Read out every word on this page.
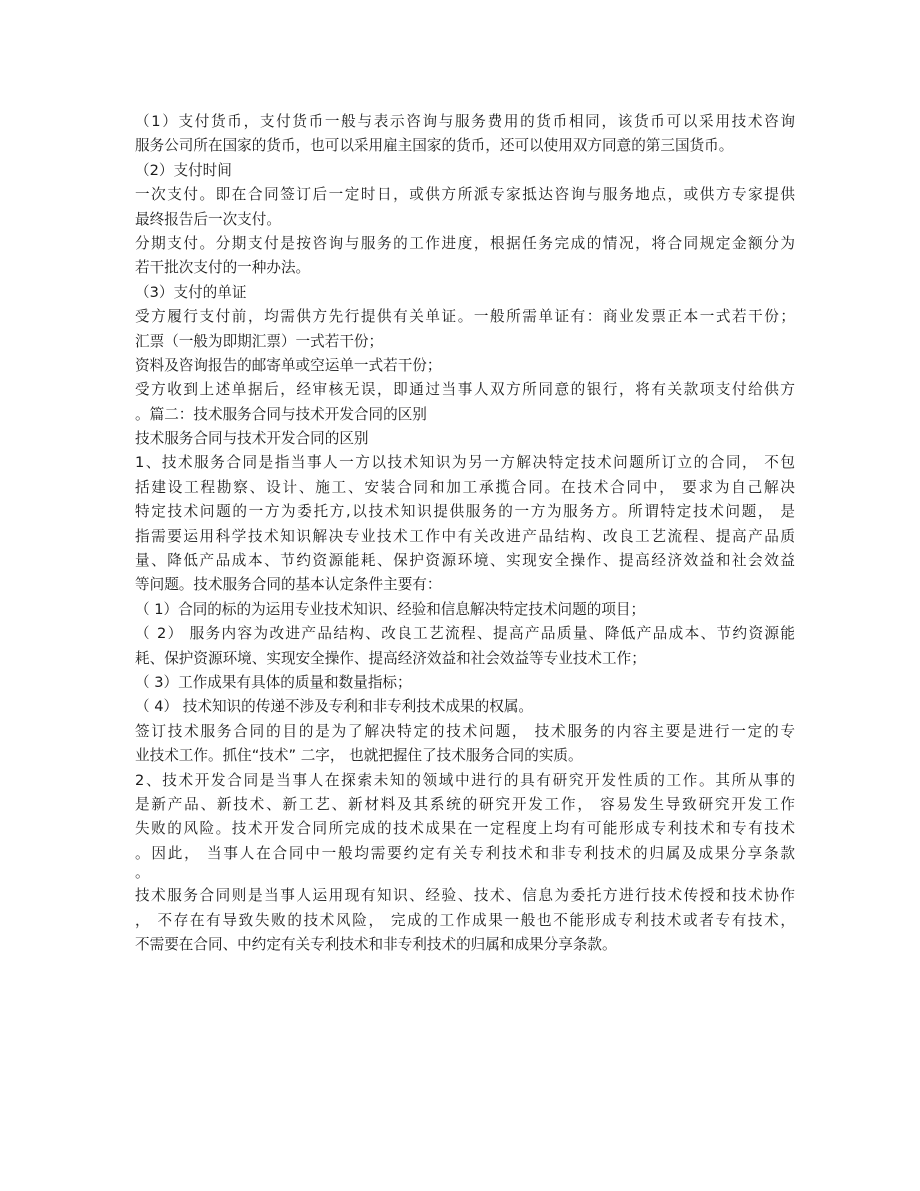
（1）支付货币，支付货币一般与表示咨询与服务费用的货币相同，该货币可以采用技术咨询
服务公司所在国家的货币，也可以采用雇主国家的货币，还可以使用双方同意的第三国货币。
（2）支付时间
一次支付。即在合同签订后一定时日，或供方所派专家抵达咨询与服务地点，或供方专家提供
最终报告后一次支付。
分期支付。分期支付是按咨询与服务的工作进度，根据任务完成的情况，将合同规定金额分为
若干批次支付的一种办法。
（3）支付的单证
受方履行支付前，均需供方先行提供有关单证。一般所需单证有：商业发票正本一式若干份；
汇票（一般为即期汇票）一式若干份；
资料及咨询报告的邮寄单或空运单一式若干份；
受方收到上述单据后，经审核无误，即通过当事人双方所同意的银行，将有关款项支付给供方
。篇二：技术服务合同与技术开发合同的区别
技术服务合同与技术开发合同的区别
1、技术服务合同是指当事人一方以技术知识为另一方解决特定技术问题所订立的合同， 不包
括建设工程勘察、设计、施工、安装合同和加工承揽合同。在技术合同中， 要求为自己解决
特定技术问题的一方为委托方,以技术知识提供服务的一方为服务方。所谓特定技术问题， 是
指需要运用科学技术知识解决专业技术工作中有关改进产品结构、改良工艺流程、提高产品质
量、降低产品成本、节约资源能耗、保护资源环境、实现安全操作、提高经济效益和社会效益
等问题。技术服务合同的基本认定条件主要有：
（ 1）合同的标的为运用专业技术知识、经验和信息解决特定技术问题的项目；
（ 2） 服务内容为改进产品结构、改良工艺流程、提高产品质量、降低产品成本、节约资源能
耗、保护资源环境、实现安全操作、提高经济效益和社会效益等专业技术工作；
（ 3）工作成果有具体的质量和数量指标；
（ 4） 技术知识的传递不涉及专利和非专利技术成果的权属。
签订技术服务合同的目的是为了解决特定的技术问题， 技术服务的内容主要是进行一定的专
业技术工作。抓住“技术” 二字， 也就把握住了技术服务合同的实质。
2、技术开发合同是当事人在探索未知的领域中进行的具有研究开发性质的工作。其所从事的
是新产品、新技术、新工艺、新材料及其系统的研究开发工作， 容易发生导致研究开发工作
失败的风险。技术开发合同所完成的技术成果在一定程度上均有可能形成专利技术和专有技术
。因此， 当事人在合同中一般均需要约定有关专利技术和非专利技术的归属及成果分享条款
。
技术服务合同则是当事人运用现有知识、经验、技术、信息为委托方进行技术传授和技术协作
， 不存在有导致失败的技术风险， 完成的工作成果一般也不能形成专利技术或者专有技术，
不需要在合同、中约定有关专利技术和非专利技术的归属和成果分享条款。
